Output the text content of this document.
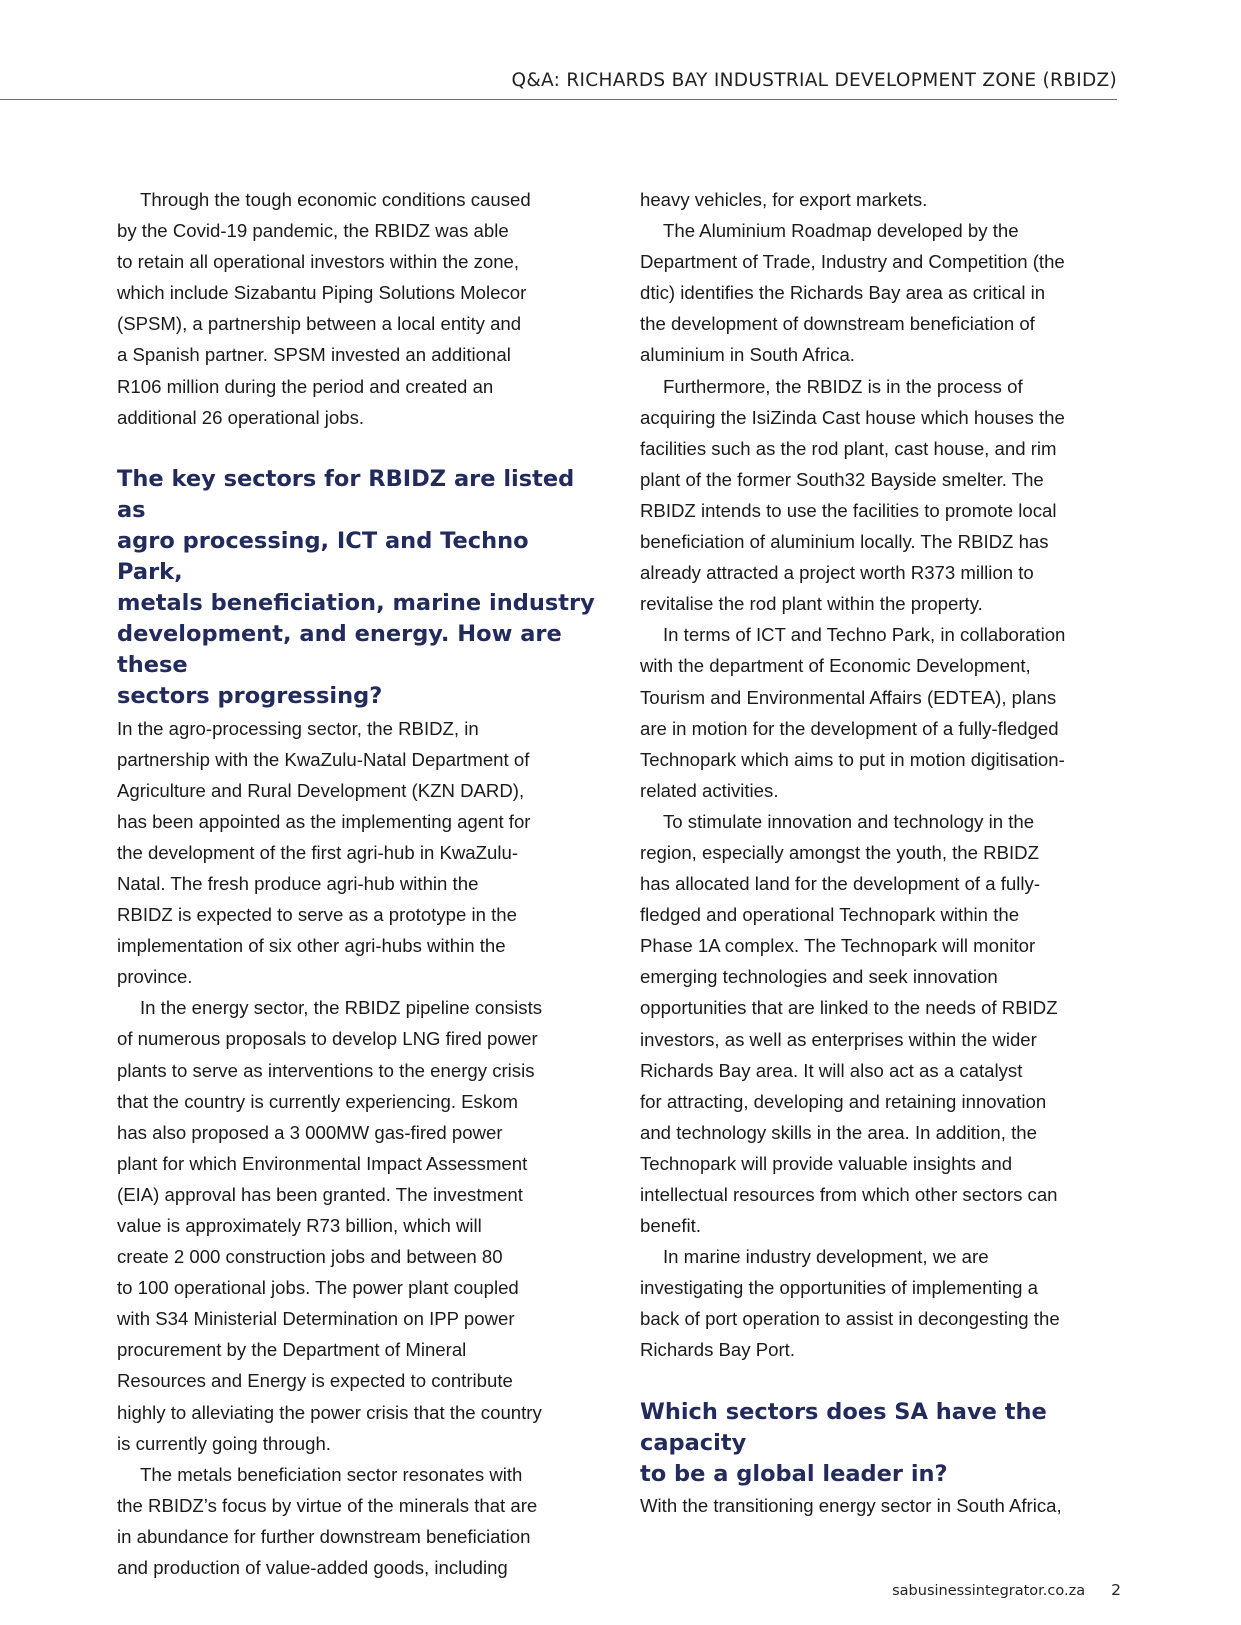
Q&A: RICHARDS BAY INDUSTRIAL DEVELOPMENT ZONE (RBIDZ)

Through the tough economic conditions caused
by the Covid-19 pandemic, the RBIDZ was able
to retain all operational investors within the zone,
which include Sizabantu Piping Solutions Molecor
(SPSM), a partnership between a local entity and
a Spanish partner. SPSM invested an additional
R106 million during the period and created an
additional 26 operational jobs.

The key sectors for RBIDZ are listed as
agro processing, ICT and Techno Park,
metals beneficiation, marine industry
development, and energy. How are these
sectors progressing?

In the agro-processing sector, the RBIDZ, in
partnership with the KwaZulu-Natal Department of
Agriculture and Rural Development (KZN DARD),
has been appointed as the implementing agent for
the development of the first agri-hub in KwaZulu-
Natal. The fresh produce agri-hub within the
RBIDZ is expected to serve as a prototype in the
implementation of six other agri-hubs within the
province.

In the energy sector, the RBIDZ pipeline consists
of numerous proposals to develop LNG fired power
plants to serve as interventions to the energy crisis
that the country is currently experiencing. Eskom
has also proposed a 3 000MW gas-fired power
plant for which Environmental Impact Assessment
(EIA) approval has been granted. The investment
value is approximately R73 billion, which will
create 2 000 construction jobs and between 80
to 100 operational jobs. The power plant coupled
with S34 Ministerial Determination on IPP power
procurement by the Department of Mineral
Resources and Energy is expected to contribute
highly to alleviating the power crisis that the country
is currently going through.

The metals beneficiation sector resonates with
the RBIDZ’s focus by virtue of the minerals that are
in abundance for further downstream beneficiation
and production of value-added goods, including

heavy vehicles, for export markets.

The Aluminium Roadmap developed by the
Department of Trade, Industry and Competition (the
dtic) identifies the Richards Bay area as critical in
the development of downstream beneficiation of
aluminium in South Africa.

Furthermore, the RBIDZ is in the process of
acquiring the IsiZinda Cast house which houses the
facilities such as the rod plant, cast house, and rim
plant of the former South32 Bayside smelter. The
RBIDZ intends to use the facilities to promote local
beneficiation of aluminium locally. The RBIDZ has
already attracted a project worth R373 million to
revitalise the rod plant within the property.

In terms of ICT and Techno Park, in collaboration
with the department of Economic Development,
Tourism and Environmental Affairs (EDTEA), plans
are in motion for the development of a fully-fledged
Technopark which aims to put in motion digitisation-
related activities.

To stimulate innovation and technology in the
region, especially amongst the youth, the RBIDZ
has allocated land for the development of a fully-
fledged and operational Technopark within the
Phase 1A complex. The Technopark will monitor
emerging technologies and seek innovation
opportunities that are linked to the needs of RBIDZ
investors, as well as enterprises within the wider
Richards Bay area. It will also act as a catalyst
for attracting, developing and retaining innovation
and technology skills in the area. In addition, the
Technopark will provide valuable insights and
intellectual resources from which other sectors can
benefit.

In marine industry development, we are
investigating the opportunities of implementing a
back of port operation to assist in decongesting the
Richards Bay Port.

Which sectors does SA have the capacity
to be a global leader in?

With the transitioning energy sector in South Africa,

sabusinessintegrator.co.za 2
